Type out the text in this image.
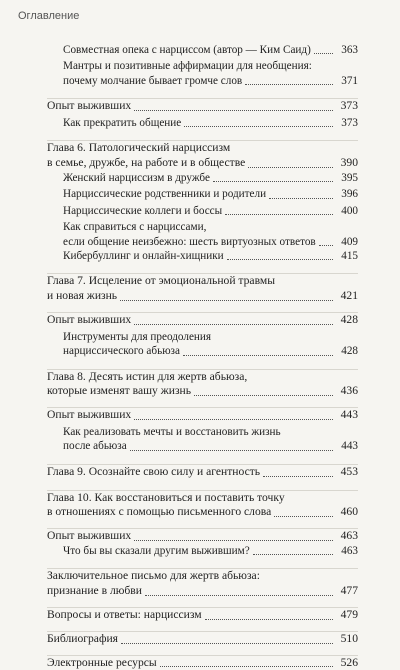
Оглавление
Совместная опека с нарциссом (автор — Ким Саид)	363
Мантры и позитивные аффирмации для необщения:
почему молчание бывает громче слов	371
Опыт выживших	373
Как прекратить общение	373
Глава 6. Патологический нарциссизм
в семье, дружбе, на работе и в обществе	390
Женский нарциссизм в дружбе	395
Нарциссические родственники и родители	396
Нарциссические коллеги и боссы	400
Как справиться с нарциссами,
если общение неизбежно: шесть виртуозных ответов	409
Кибербуллинг и онлайн-хищники	415
Глава 7. Исцеление от эмоциональной травмы
и новая жизнь	421
Опыт выживших	428
Инструменты для преодоления
нарциссического абьюза	428
Глава 8. Десять истин для жертв абьюза,
которые изменят вашу жизнь	436
Опыт выживших	443
Как реализовать мечты и восстановить жизнь
после абьюза	443
Глава 9. Осознайте свою силу и агентность	453
Глава 10. Как восстановиться и поставить точку
в отношениях с помощью письменного слова	460
Опыт выживших	463
Что бы вы сказали другим выжившим?	463
Заключительное письмо для жертв абьюза:
признание в любви	477
Вопросы и ответы: нарциссизм	479
Библиография	510
Электронные ресурсы	526
